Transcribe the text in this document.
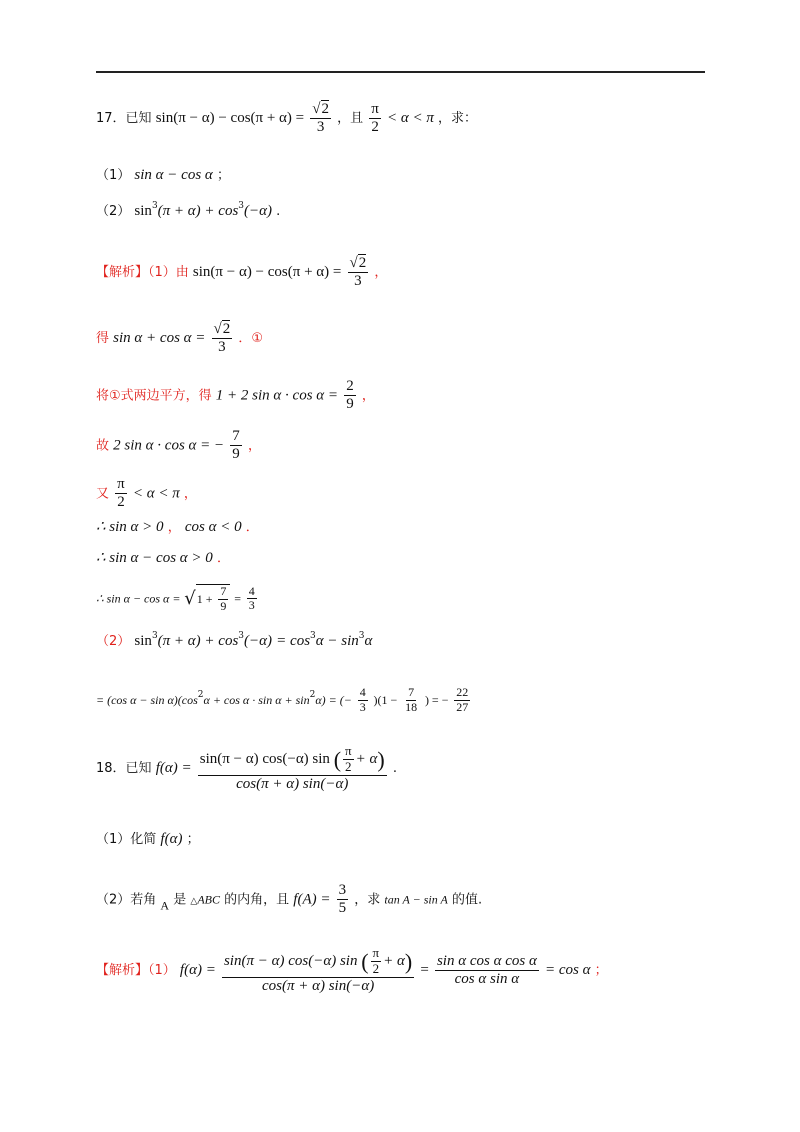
17．已知 $\sin(\pi - \alpha) - \cos(\pi + \alpha) = \frac{√2}{3}$ ，且 $\frac{\pi}{2} < \alpha < \pi$ ，求：
（1） sin α − cos α ；
（2） $\sin^3(\pi + \alpha) + \cos^3(-\alpha)$ .
【解析】（1）由 $\sin(\pi - \alpha) - \cos(\pi + \alpha) = \frac{√2}{3}$ ，
得 $\sin \alpha + \cos \alpha = \frac{√2}{3}$ ．①
将①式两边平方，得 1 + 2 $\sin \alpha \cdot \cos \alpha = \frac{2}{9}$ ，
故 2 sin α · cos α = − $\frac{7}{9}$ ，
又 $\frac{\pi}{2} < \alpha < \pi$ ，
∴ sin α > 0 ， cos α < 0 ．
∴ sin α − cos α > 0 ．
∴ $\sin \alpha - \cos \alpha = √1 + \frac{7}{9} = \frac{4}{3}$
（2） $\sin^3(\pi + \alpha) + \cos^3(-\alpha) = \cos^3\alpha - \sin^3\alpha$
= (cos $\alpha - \sin \alpha)(\cos^2\alpha + \cos \alpha \cdot \sin \alpha + \sin^2\alpha)$ = (− $\frac{4}{3} )(1 - \frac{7}{18}$ ) = − $\frac{22}{27}$
18．已知 $f(\alpha) = \frac{\sin(\pi - \alpha) \cos(-\alpha) \sin ( \frac{\pi}{2} + \alpha)}{\cos(\pi + \alpha) \sin(-\alpha)}$ .
（1）化简 f(α) ；
（2）若角 A 是 △ABC 的内角，且 $f(A) = \frac{3}{5}$ ，求 tan A − sin A 的值.
【解析】（1） $f(\alpha) = \frac{\sin(\pi - \alpha) \cos(-\alpha) \sin ( \frac{\pi}{2} + \alpha)}{\cos(\pi + \alpha) \sin(-\alpha)} = \frac{\text{sin α cos α cos α}}{\text{cos α sin α}} = \cos \alpha$ ；
